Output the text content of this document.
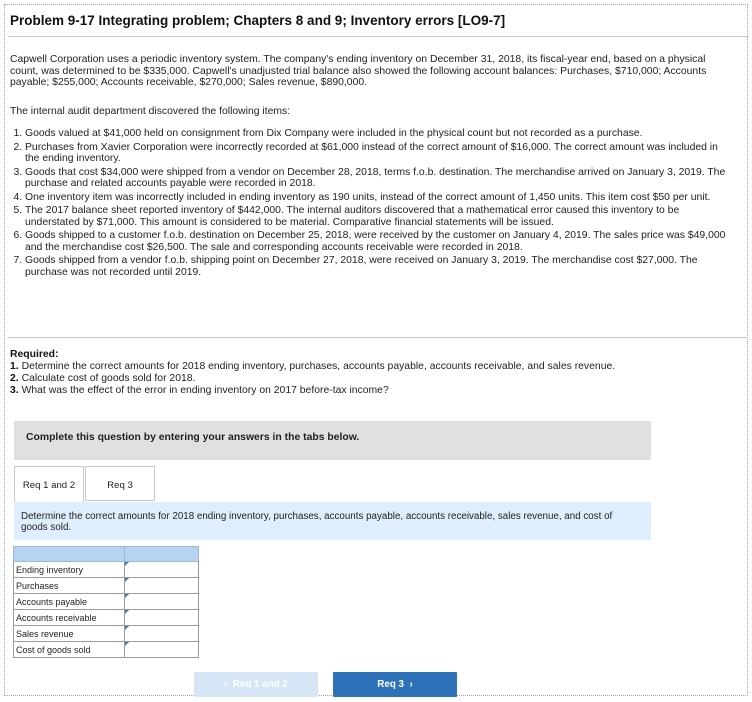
Problem 9-17 Integrating problem; Chapters 8 and 9; Inventory errors [LO9-7]
Capwell Corporation uses a periodic inventory system. The company's ending inventory on December 31, 2018, its fiscal-year end, based on a physical count, was determined to be $335,000. Capwell's unadjusted trial balance also showed the following account balances: Purchases, $710,000; Accounts payable; $255,000; Accounts receivable, $270,000; Sales revenue, $890,000.
The internal audit department discovered the following items:
1. Goods valued at $41,000 held on consignment from Dix Company were included in the physical count but not recorded as a purchase.
2. Purchases from Xavier Corporation were incorrectly recorded at $61,000 instead of the correct amount of $16,000. The correct amount was included in the ending inventory.
3. Goods that cost $34,000 were shipped from a vendor on December 28, 2018, terms f.o.b. destination. The merchandise arrived on January 3, 2019. The purchase and related accounts payable were recorded in 2018.
4. One inventory item was incorrectly included in ending inventory as 190 units, instead of the correct amount of 1,450 units. This item cost $50 per unit.
5. The 2017 balance sheet reported inventory of $442,000. The internal auditors discovered that a mathematical error caused this inventory to be understated by $71,000. This amount is considered to be material. Comparative financial statements will be issued.
6. Goods shipped to a customer f.o.b. destination on December 25, 2018, were received by the customer on January 4, 2019. The sales price was $49,000 and the merchandise cost $26,500. The sale and corresponding accounts receivable were recorded in 2018.
7. Goods shipped from a vendor f.o.b. shipping point on December 27, 2018, were received on January 3, 2019. The merchandise cost $27,000. The purchase was not recorded until 2019.
Required:
1. Determine the correct amounts for 2018 ending inventory, purchases, accounts payable, accounts receivable, and sales revenue.
2. Calculate cost of goods sold for 2018.
3. What was the effect of the error in ending inventory on 2017 before-tax income?
Complete this question by entering your answers in the tabs below.
Req 1 and 2	Req 3
Determine the correct amounts for 2018 ending inventory, purchases, accounts payable, accounts receivable, sales revenue, and cost of goods sold.

Ending inventory	

Purchases	

Accounts payable	

Accounts receivable	

Sales revenue	

Cost of goods sold	
‹ Req 1 and 2	Req 3 ›
